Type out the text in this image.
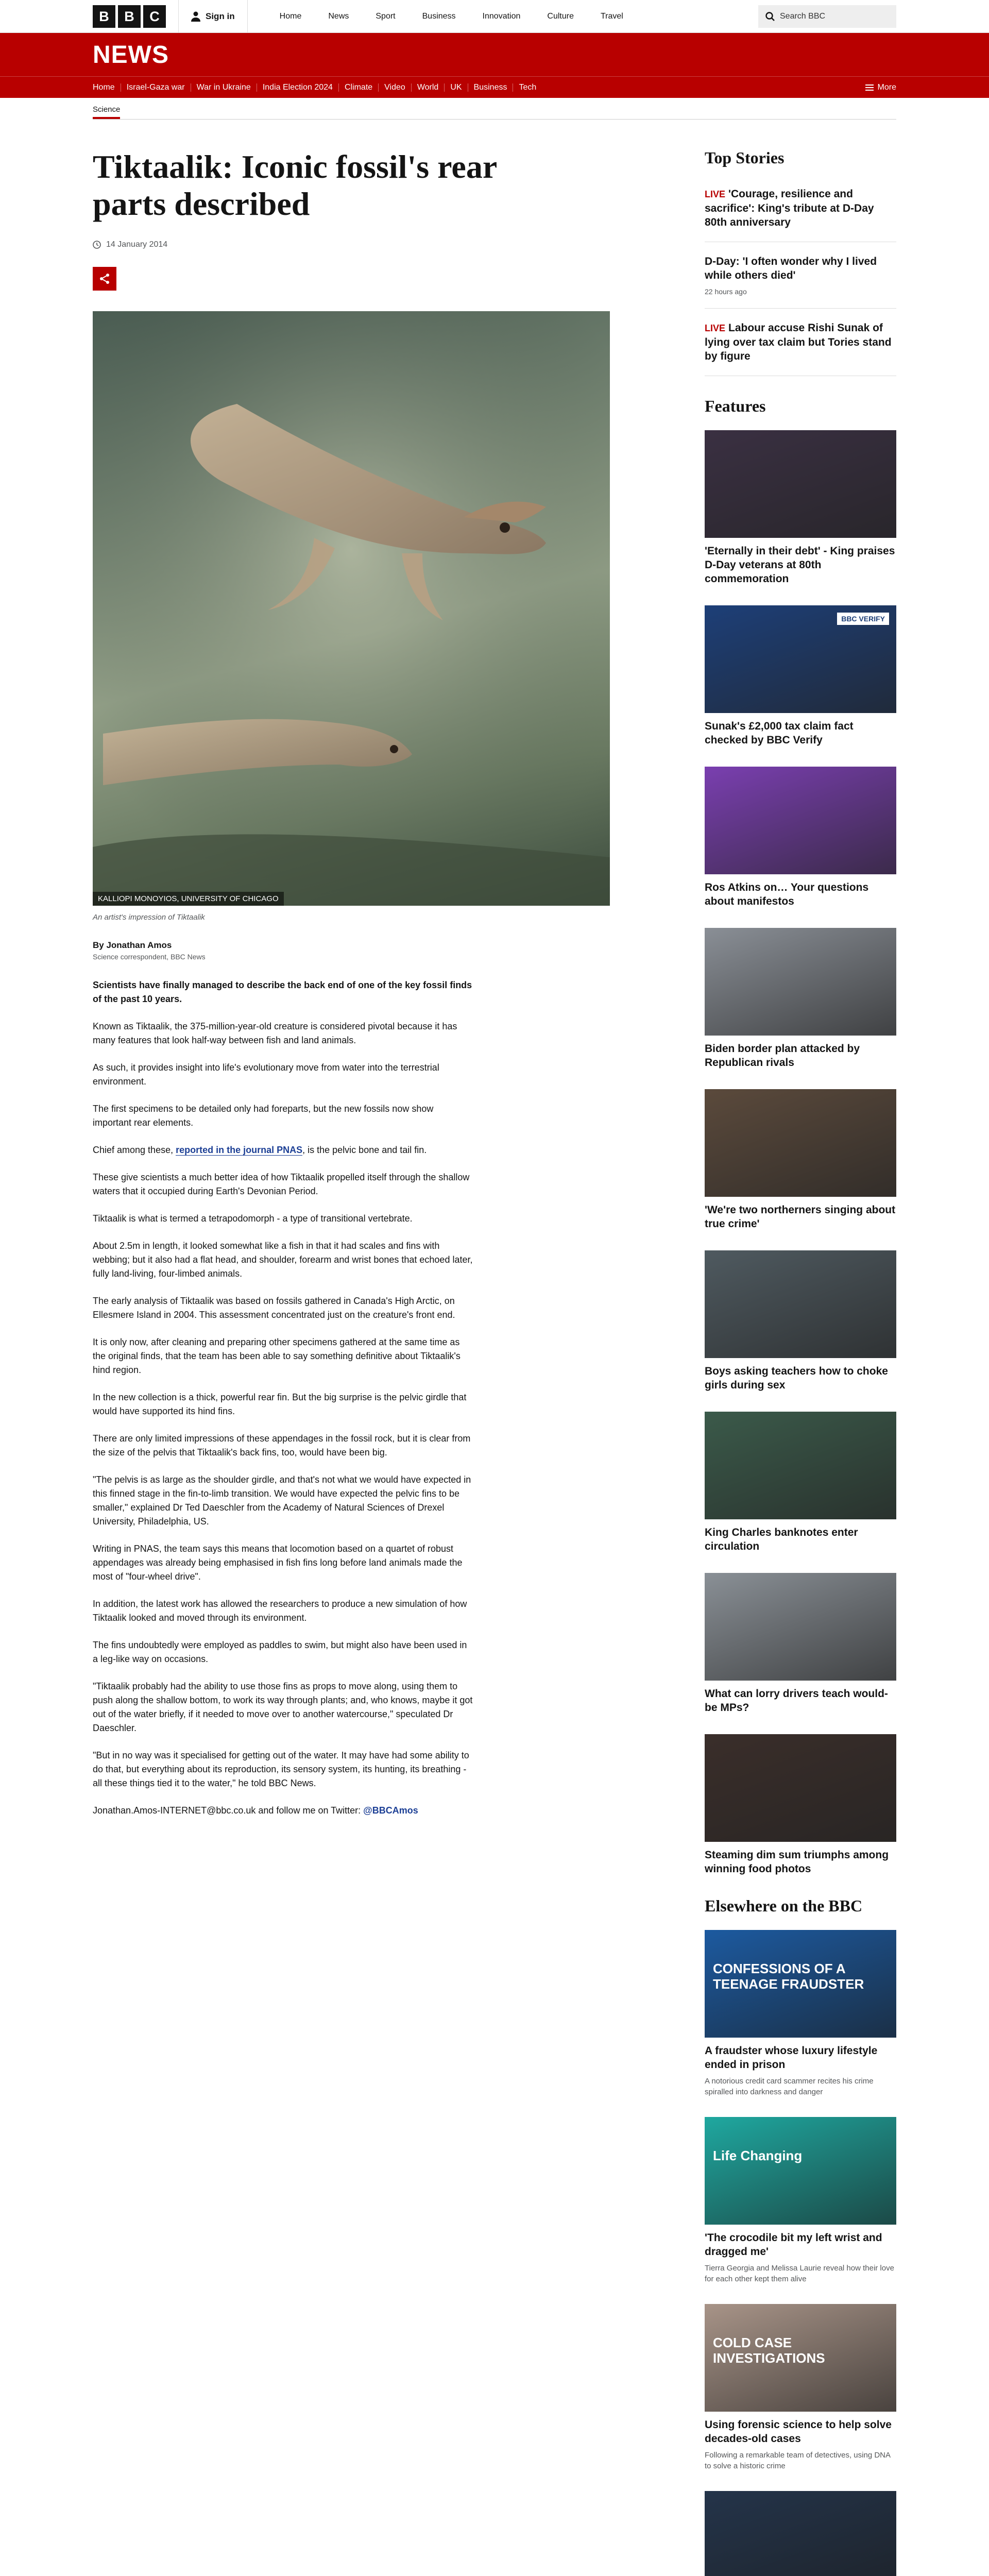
B	B	C	Sign in	Home	News	Sport	Business	Innovation	Culture	Travel	Search BBC
NEWS
Home	Israel-Gaza war	War in Ukraine	India Election 2024	Climate	Video	World	UK	Business	Tech	More
Science
Tiktaalik: Iconic fossil's rear parts described
14 January 2014
KALLIOPI MONOYIOS, UNIVERSITY OF CHICAGO

An artist's impression of Tiktaalik

By Jonathan Amos

Science correspondent, BBC News

Scientists have finally managed to describe the back end of one of the key fossil finds of the past 10 years.

Known as Tiktaalik, the 375-million-year-old creature is considered pivotal because it has many features that look half-way between fish and land animals.

As such, it provides insight into life's evolutionary move from water into the terrestrial environment.

The first specimens to be detailed only had foreparts, but the new fossils now show important rear elements.

Chief among these, reported in the journal PNAS, is the pelvic bone and tail fin.

These give scientists a much better idea of how Tiktaalik propelled itself through the shallow waters that it occupied during Earth's Devonian Period.

Tiktaalik is what is termed a tetrapodomorph - a type of transitional vertebrate.

About 2.5m in length, it looked somewhat like a fish in that it had scales and fins with webbing; but it also had a flat head, and shoulder, forearm and wrist bones that echoed later, fully land-living, four-limbed animals.

The early analysis of Tiktaalik was based on fossils gathered in Canada's High Arctic, on Ellesmere Island in 2004. This assessment concentrated just on the creature's front end.

It is only now, after cleaning and preparing other specimens gathered at the same time as the original finds, that the team has been able to say something definitive about Tiktaalik's hind region.

In the new collection is a thick, powerful rear fin. But the big surprise is the pelvic girdle that would have supported its hind fins.

There are only limited impressions of these appendages in the fossil rock, but it is clear from the size of the pelvis that Tiktaalik's back fins, too, would have been big.

"The pelvis is as large as the shoulder girdle, and that's not what we would have expected in this finned stage in the fin-to-limb transition. We would have expected the pelvic fins to be smaller," explained Dr Ted Daeschler from the Academy of Natural Sciences of Drexel University, Philadelphia, US.

Writing in PNAS, the team says this means that locomotion based on a quartet of robust appendages was already being emphasised in fish fins long before land animals made the most of "four-wheel drive".

In addition, the latest work has allowed the researchers to produce a new simulation of how Tiktaalik looked and moved through its environment.

The fins undoubtedly were employed as paddles to swim, but might also have been used in a leg-like way on occasions.

"Tiktaalik probably had the ability to use those fins as props to move along, using them to push along the shallow bottom, to work its way through plants; and, who knows, maybe it got out of the water briefly, if it needed to move over to another watercourse," speculated Dr Daeschler.

"But in no way was it specialised for getting out of the water. It may have had some ability to do that, but everything about its reproduction, its sensory system, its hunting, its breathing - all these things tied it to the water," he told BBC News.

Jonathan.Amos-INTERNET@bbc.co.uk and follow me on Twitter: @BBCAmos

Top Stories
LIVE 'Courage, resilience and sacrifice': King's tribute at D-Day 80th anniversary
D-Day: 'I often wonder why I lived while others died'

22 hours ago

LIVE Labour accuse Rishi Sunak of lying over tax claim but Tories stand by figure
Features
'Eternally in their debt' - King praises D-Day veterans at 80th commemoration
BBC VERIFY
Sunak's £2,000 tax claim fact checked by BBC Verify
Ros Atkins on… Your questions about manifestos
Biden border plan attacked by Republican rivals
'We're two northerners singing about true crime'
Boys asking teachers how to choke girls during sex
King Charles banknotes enter circulation
What can lorry drivers teach would-be MPs?
Steaming dim sum triumphs among winning food photos
Elsewhere on the BBC
CONFESSIONS OF A TEENAGE FRAUDSTER
A fraudster whose luxury lifestyle ended in prison

A notorious credit card scammer recites his crime spiralled into darkness and danger

Life Changing
'The crocodile bit my left wrist and dragged me'

Tierra Georgia and Melissa Laurie reveal how their love for each other kept them alive

COLD CASE INVESTIGATIONS
Using forensic science to help solve decades-old cases

Following a remarkable team of detectives, using DNA to solve a historic crime
